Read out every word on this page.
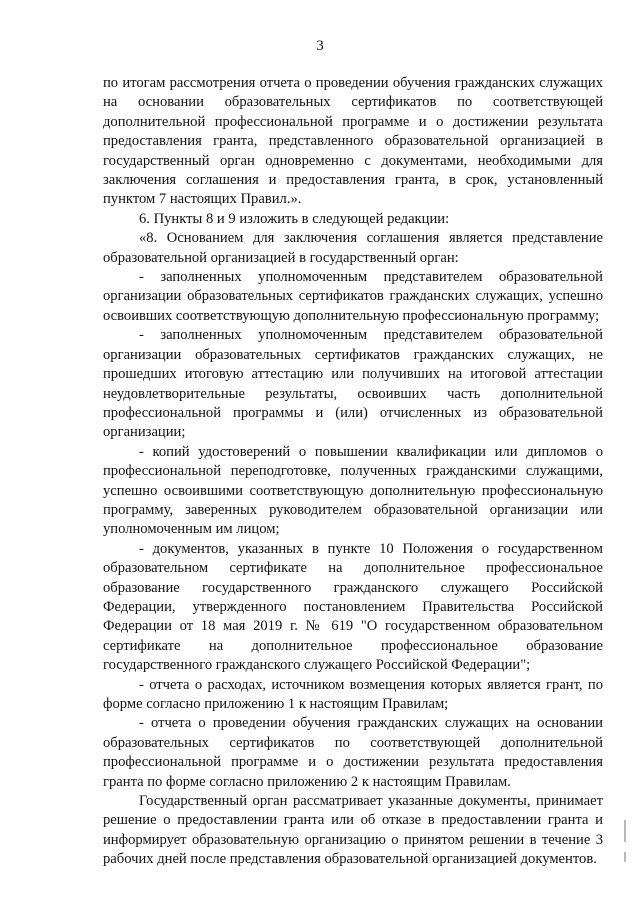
3

по итогам рассмотрения отчета о проведении обучения гражданских служащих на основании образовательных сертификатов по соответствующей дополнительной профессиональной программе и о достижении результата предоставления гранта, представленного образовательной организацией в государственный орган одновременно с документами, необходимыми для заключения соглашения и предоставления гранта, в срок, установленный пунктом 7 настоящих Правил.».

6. Пункты 8 и 9 изложить в следующей редакции:

«8. Основанием для заключения соглашения является представление образовательной организацией в государственный орган:

- заполненных уполномоченным представителем образовательной организации образовательных сертификатов гражданских служащих, успешно освоивших соответствующую дополнительную профессиональную программу;

- заполненных уполномоченным представителем образовательной организации образовательных сертификатов гражданских служащих, не прошедших итоговую аттестацию или получивших на итоговой аттестации неудовлетворительные результаты, освоивших часть дополнительной профессиональной программы и (или) отчисленных из образовательной организации;

- копий удостоверений о повышении квалификации или дипломов о профессиональной переподготовке, полученных гражданскими служащими, успешно освоившими соответствующую дополнительную профессиональную программу, заверенных руководителем образовательной организации или уполномоченным им лицом;

- документов, указанных в пункте 10 Положения о государственном образовательном сертификате на дополнительное профессиональное образование государственного гражданского служащего Российской Федерации, утвержденного постановлением Правительства Российской Федерации от 18 мая 2019 г. № 619 "О государственном образовательном сертификате на дополнительное профессиональное образование государственного гражданского служащего Российской Федерации";

- отчета о расходах, источником возмещения которых является грант, по форме согласно приложению 1 к настоящим Правилам;

- отчета о проведении обучения гражданских служащих на основании образовательных сертификатов по соответствующей дополнительной профессиональной программе и о достижении результата предоставления гранта по форме согласно приложению 2 к настоящим Правилам.

Государственный орган рассматривает указанные документы, принимает решение о предоставлении гранта или об отказе в предоставлении гранта и информирует образовательную организацию о принятом решении в течение 3 рабочих дней после представления образовательной организацией документов.
